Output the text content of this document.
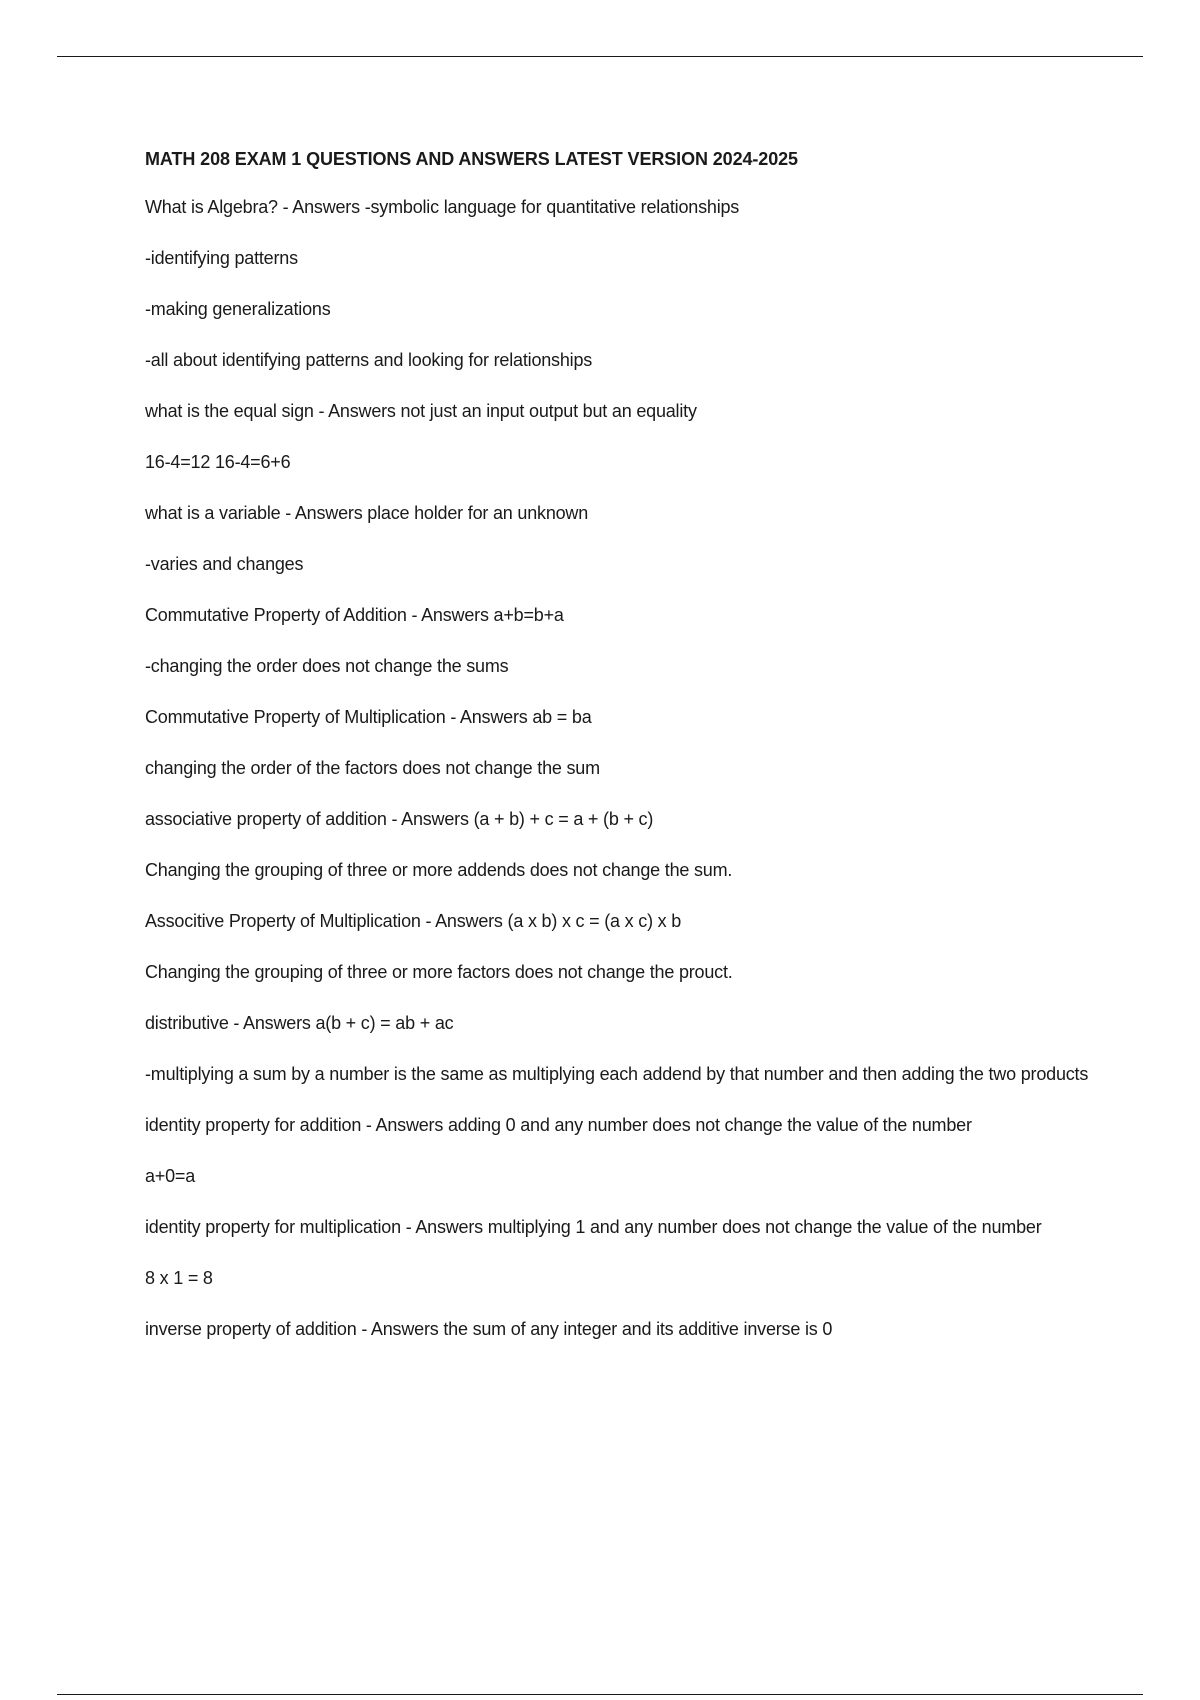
MATH 208 EXAM 1 QUESTIONS AND ANSWERS LATEST VERSION 2024-2025

What is Algebra? - Answers -symbolic language for quantitative relationships

-identifying patterns

-making generalizations

-all about identifying patterns and looking for relationships

what is the equal sign - Answers not just an input output but an equality

16-4=12 16-4=6+6

what is a variable - Answers place holder for an unknown

-varies and changes

Commutative Property of Addition - Answers a+b=b+a

-changing the order does not change the sums

Commutative Property of Multiplication - Answers ab = ba

changing the order of the factors does not change the sum

associative property of addition - Answers (a + b) + c = a + (b + c)

Changing the grouping of three or more addends does not change the sum.

Associtive Property of Multiplication - Answers (a x b) x c = (a x c) x b

Changing the grouping of three or more factors does not change the prouct.

distributive - Answers a(b + c) = ab + ac

-multiplying a sum by a number is the same as multiplying each addend by that number and then adding the two products

identity property for addition - Answers adding 0 and any number does not change the value of the number

a+0=a

identity property for multiplication - Answers multiplying 1 and any number does not change the value of the number

8 x 1 = 8

inverse property of addition - Answers the sum of any integer and its additive inverse is 0
